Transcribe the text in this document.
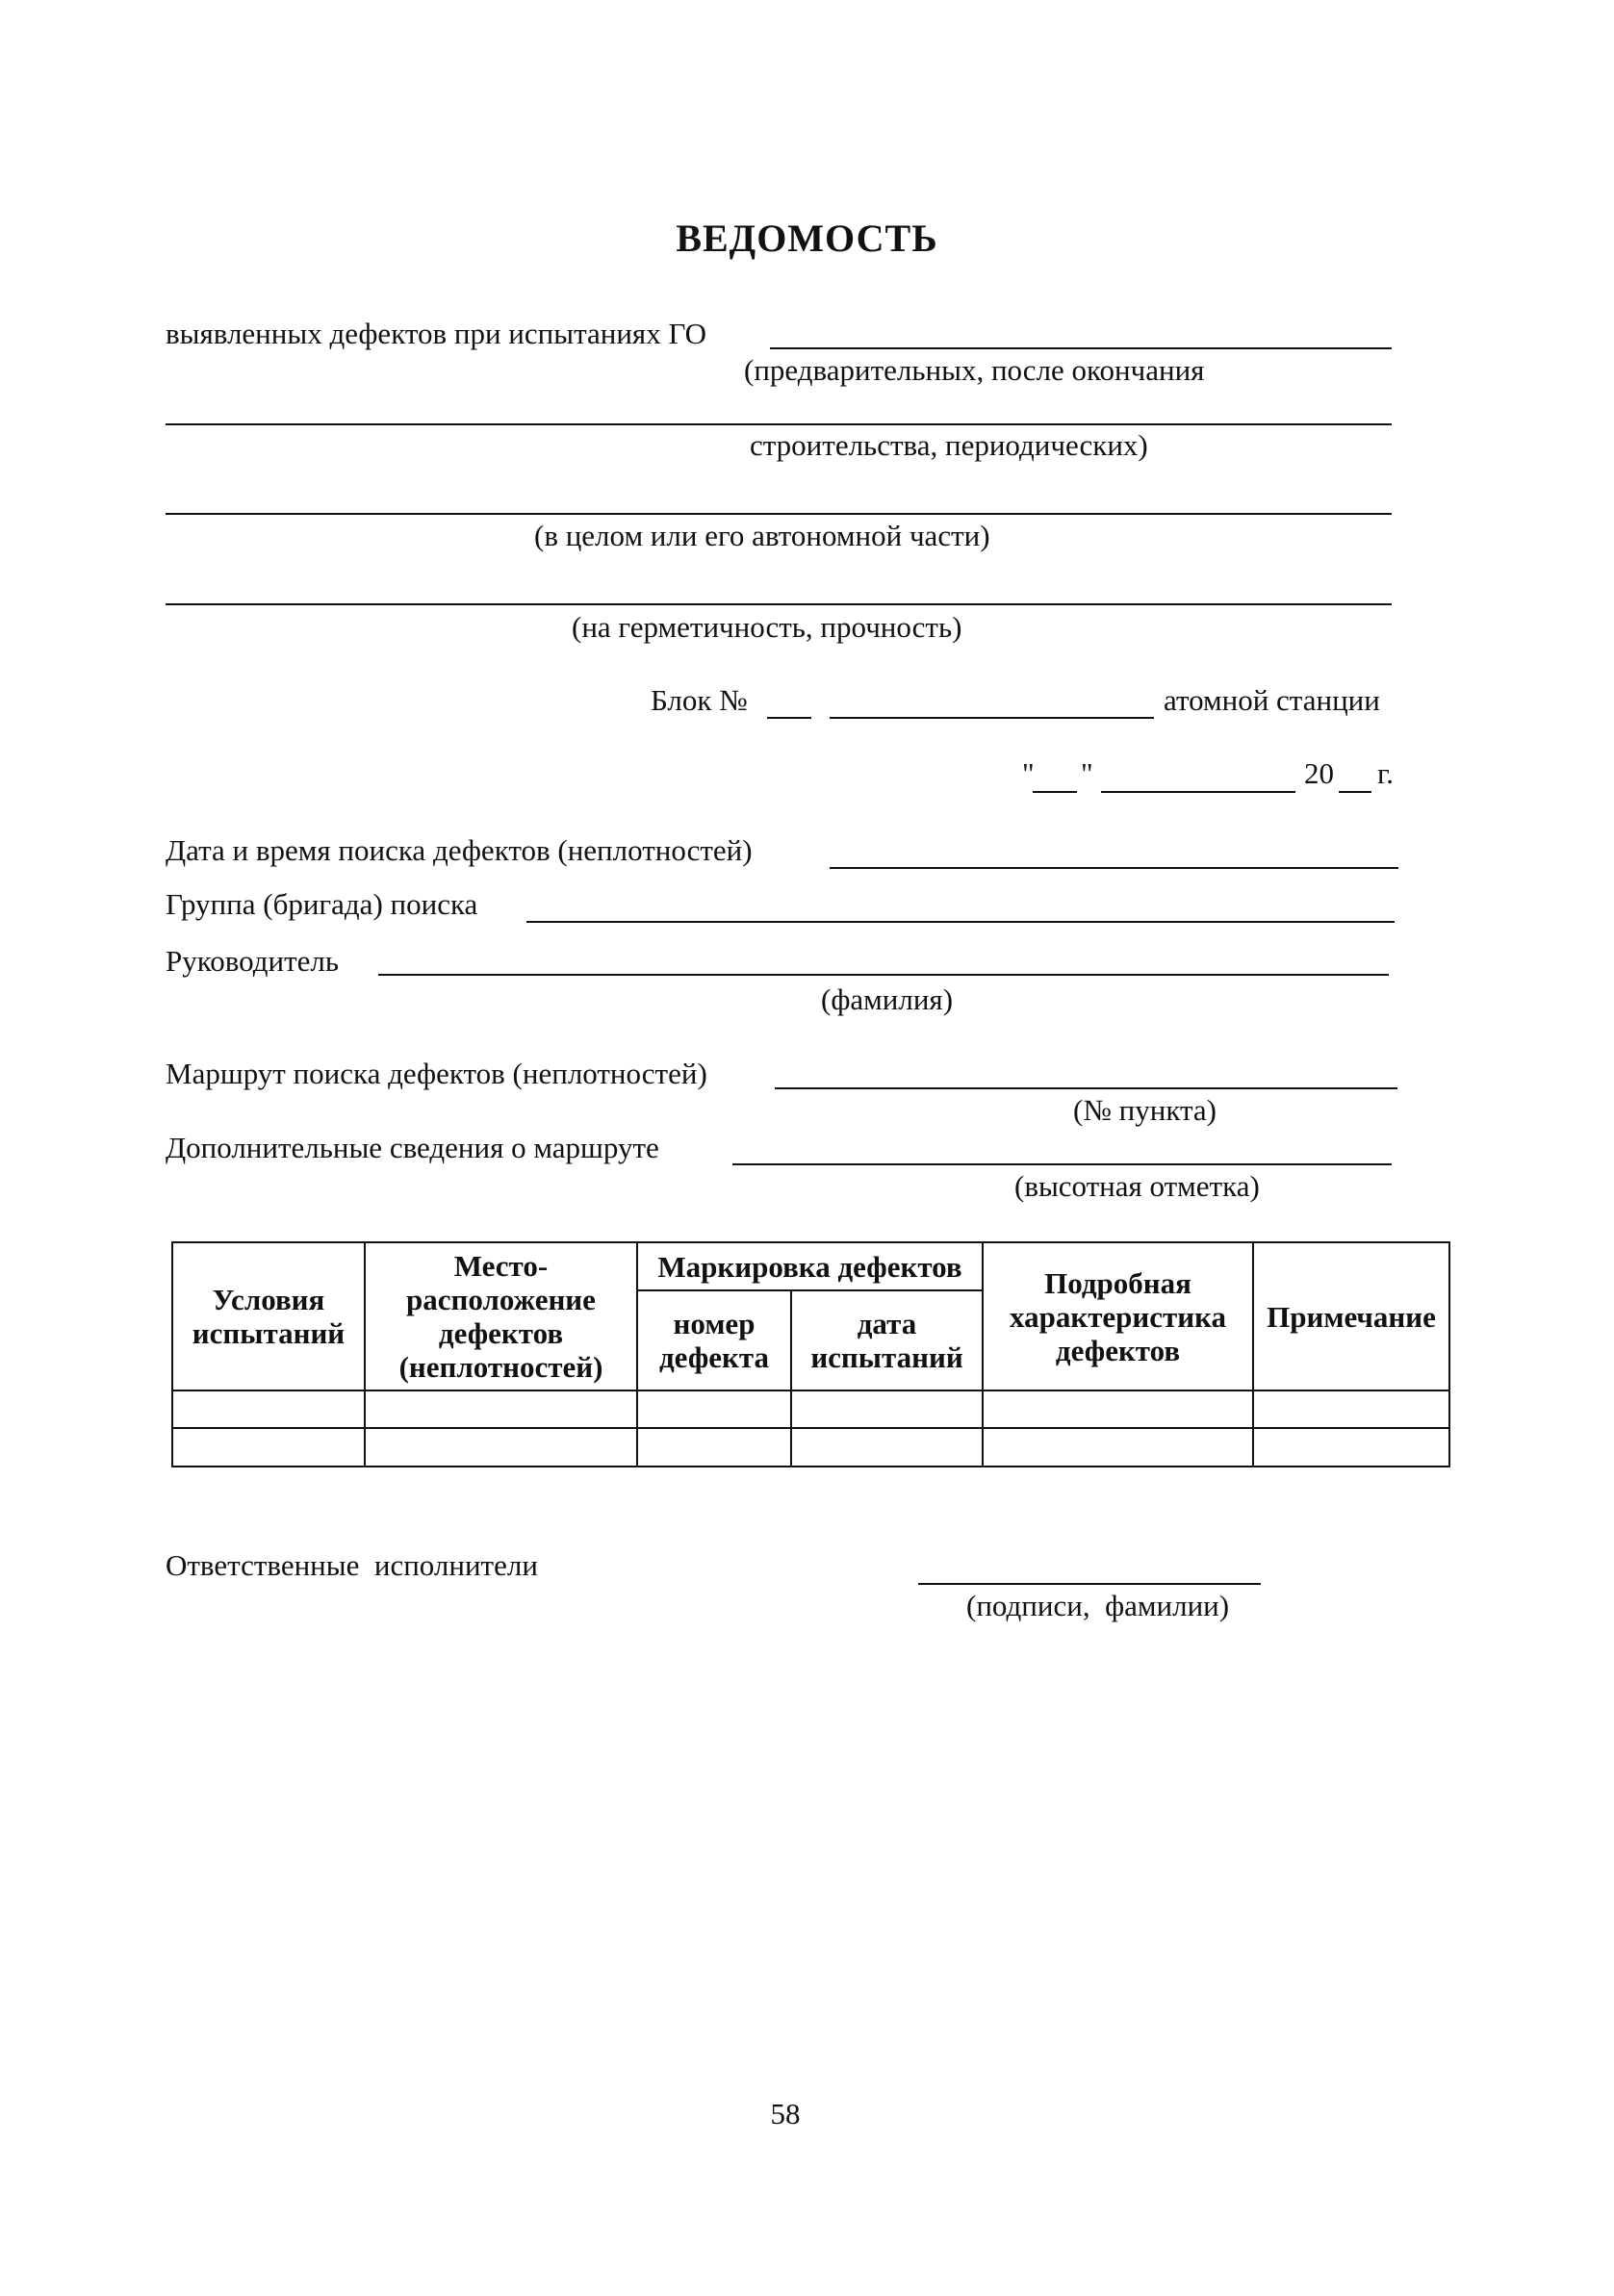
ВЕДОМОСТЬ
выявленных дефектов при испытаниях ГО
(предварительных, после окончания
строительства, периодических)
(в целом или его автономной части)
(на герметичность, прочность)
Блок №	атомной станции
" "	20 г.
Дата и время поиска дефектов (неплотностей)
Группа (бригада) поиска
Руководитель
(фамилия)
Маршрут поиска дефектов (неплотностей)
(№ пункта)
Дополнительные сведения о маршруте
(высотная отметка)
Условия испытаний	Место-расположение дефектов (неплотностей)	Маркировка дефектов		Подробная характеристика дефектов	Примечание
		номер дефекта	дата испытаний		

Ответственные  исполнители
(подписи,  фамилии)
58
